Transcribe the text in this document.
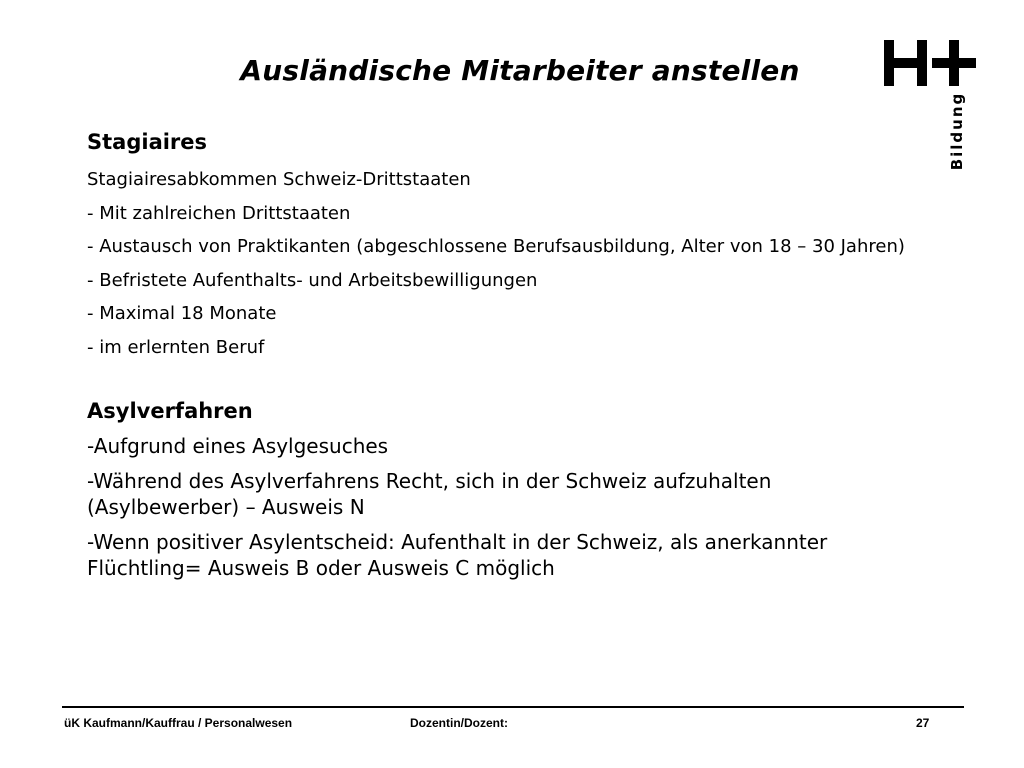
Ausländische Mitarbeiter anstellen
Bildung
Stagiaires
Stagiairesabkommen Schweiz-Drittstaaten
- Mit zahlreichen Drittstaaten
- Austausch von Praktikanten (abgeschlossene Berufsausbildung, Alter von 18 – 30 Jahren)
- Befristete Aufenthalts- und Arbeitsbewilligungen
- Maximal 18 Monate
- im erlernten Beruf
Asylverfahren
-Aufgrund eines Asylgesuches
-Während des Asylverfahrens Recht, sich in der Schweiz aufzuhalten
(Asylbewerber) – Ausweis N
-Wenn positiver Asylentscheid: Aufenthalt in der Schweiz, als anerkannter
Flüchtling= Ausweis B oder Ausweis C möglich
üK Kaufmann/Kauffrau / Personalwesen	Dozentin/Dozent:	27
